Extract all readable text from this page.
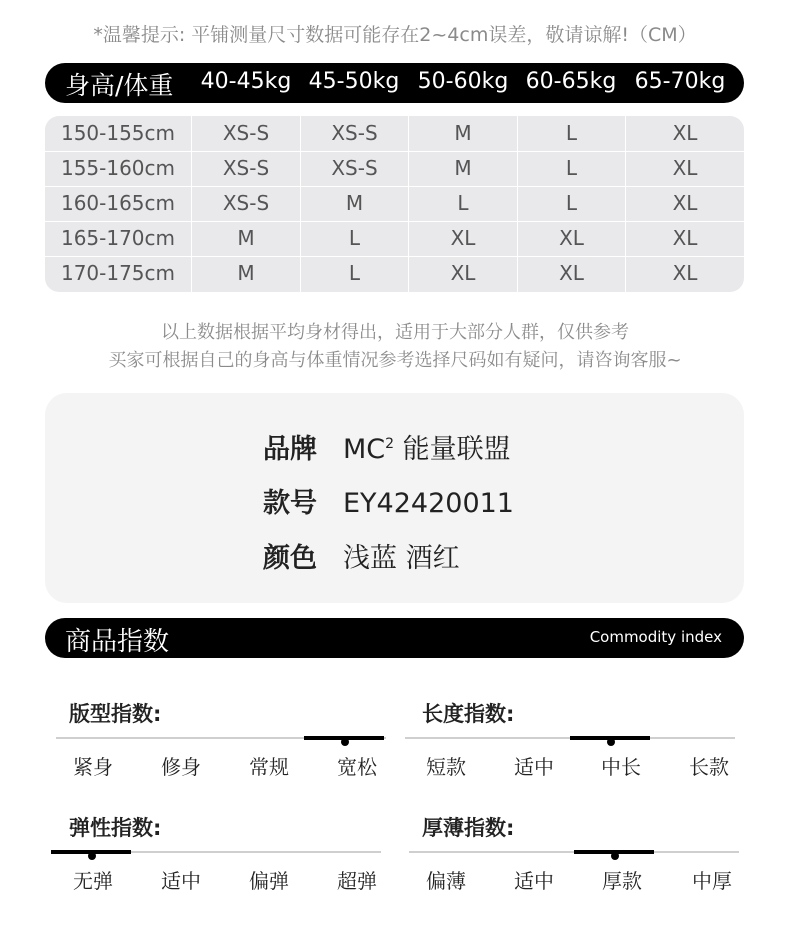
*温馨提示: 平铺测量尺寸数据可能存在2~4cm误差，敬请谅解!（CM）
身高/体重	40-45kg 45-50kg 50-60kg 60-65kg 65-70kg
150-155cm	XS-S	XS-S	M	L	XL
155-160cm	XS-S	XS-S	M	L	XL
160-165cm	XS-S	M	L	L	XL
165-170cm	M	L	XL	XL	XL
170-175cm	M	L	XL	XL	XL
以上数据根据平均身材得出，适用于大部分人群，仅供参考
买家可根据自己的身高与体重情况参考选择尺码如有疑问，请咨询客服~
品牌 $MC^2$ 能量联盟
款号 EY42420011
颜色 浅蓝 酒红
商品指数	Commodity index
版型指数:
紧身	修身	常规	宽松
长度指数:
短款	适中	中长	长款
弹性指数:
无弹	适中	偏弹	超弹
厚薄指数:
偏薄	适中	厚款	中厚
